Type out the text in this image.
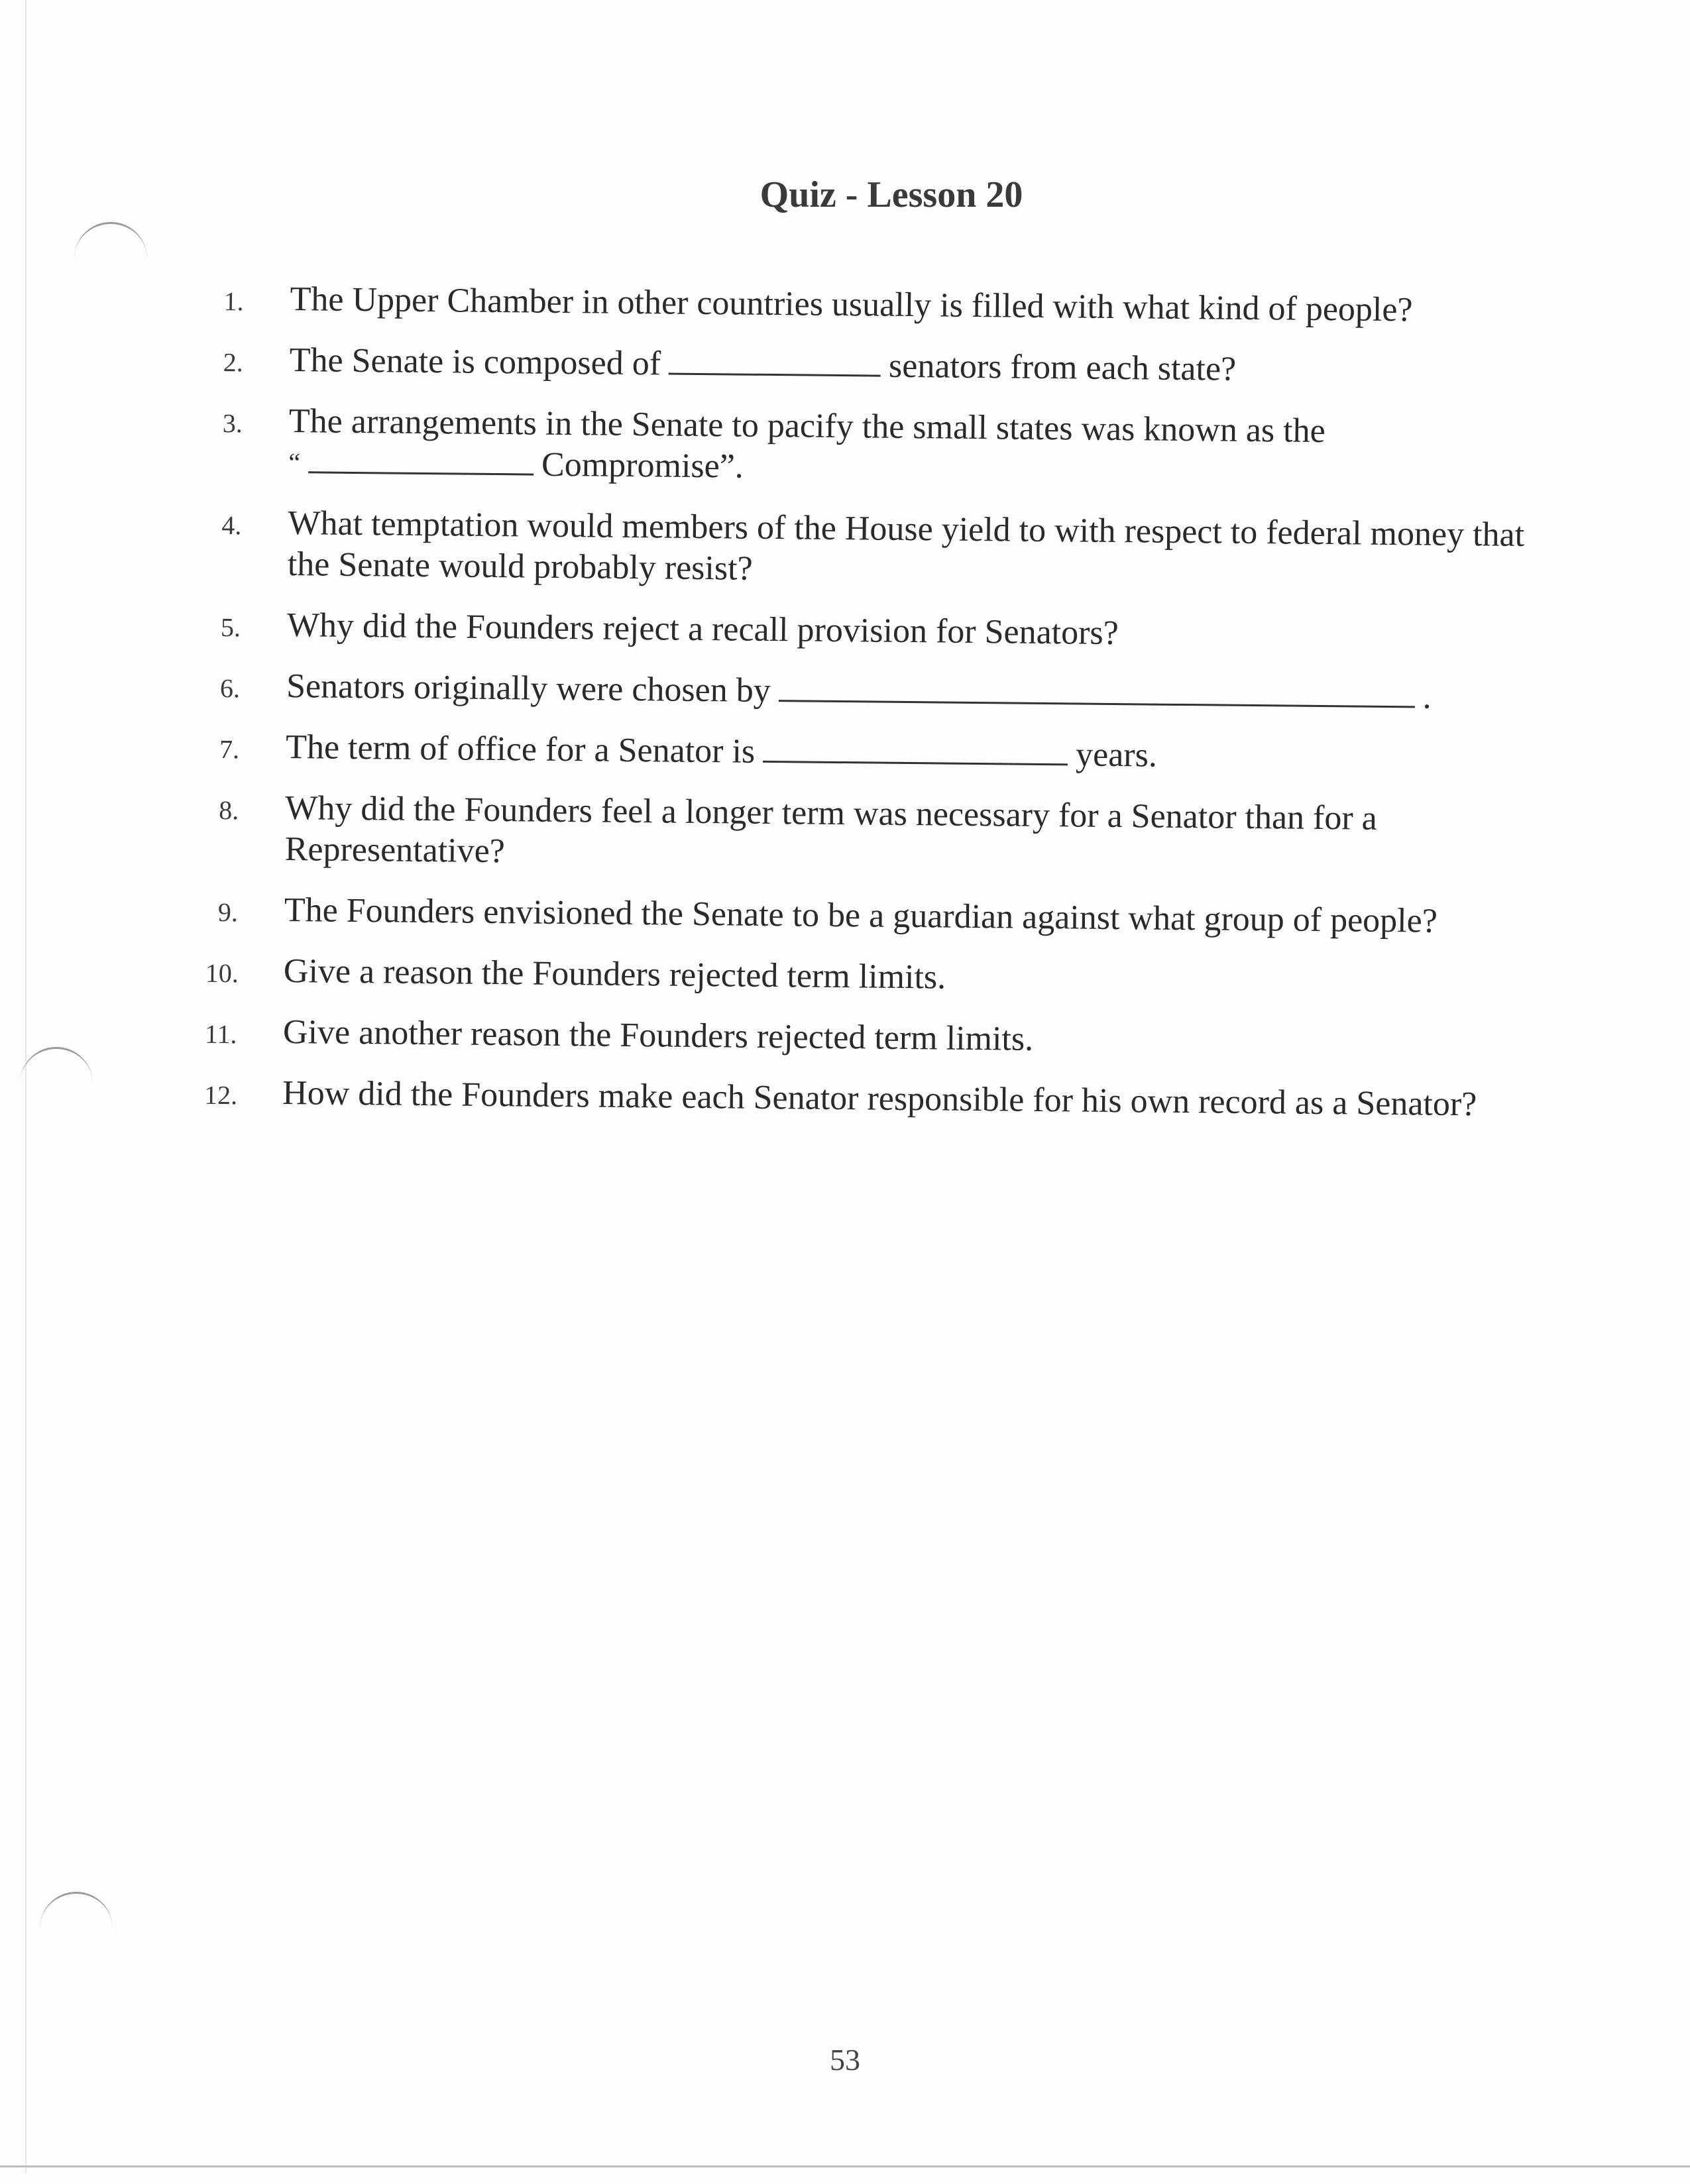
Quiz - Lesson 20
1. The Upper Chamber in other countries usually is filled with what kind of people?
2. The Senate is composed of	senators from each state?
3. The arrangements in the Senate to pacify the small states was known as the
“	Compromise”.
4. What temptation would members of the House yield to with respect to federal money that the Senate would probably resist?
5. Why did the Founders reject a recall provision for Senators?
6. Senators originally were chosen by	.
7. The term of office for a Senator is	years.
8. Why did the Founders feel a longer term was necessary for a Senator than for a Representative?
9. The Founders envisioned the Senate to be a guardian against what group of people?
10. Give a reason the Founders rejected term limits.
11. Give another reason the Founders rejected term limits.
12. How did the Founders make each Senator responsible for his own record as a Senator?
53
